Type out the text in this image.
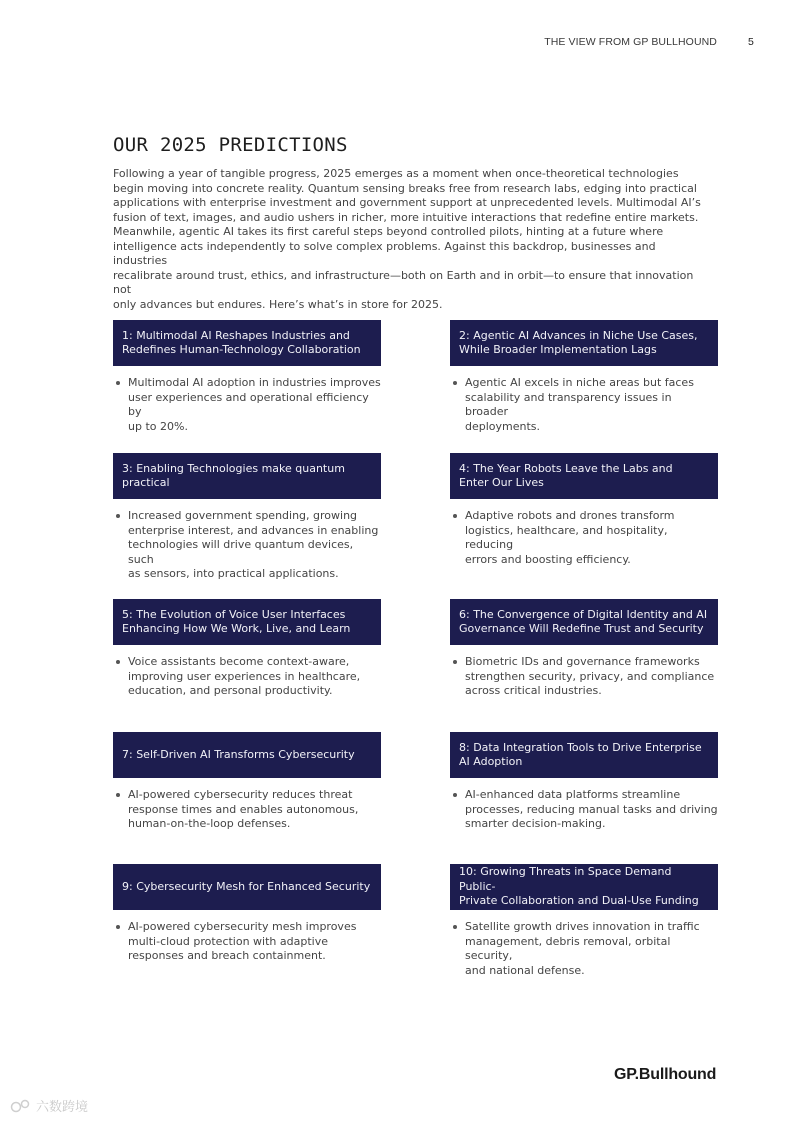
THE VIEW FROM GP BULLHOUND	5
OUR 2025 PREDICTIONS
Following a year of tangible progress, 2025 emerges as a moment when once-theoretical technologies
begin moving into concrete reality. Quantum sensing breaks free from research labs, edging into practical
applications with enterprise investment and government support at unprecedented levels. Multimodal AI’s
fusion of text, images, and audio ushers in richer, more intuitive interactions that redefine entire markets.
Meanwhile, agentic AI takes its first careful steps beyond controlled pilots, hinting at a future where
intelligence acts independently to solve complex problems. Against this backdrop, businesses and industries
recalibrate around trust, ethics, and infrastructure—both on Earth and in orbit—to ensure that innovation not
only advances but endures. Here’s what’s in store for 2025.
1: Multimodal AI Reshapes Industries and
Redefines Human-Technology Collaboration
Multimodal AI adoption in industries improves
user experiences and operational efficiency by
up to 20%.
2: Agentic AI Advances in Niche Use Cases,
While Broader Implementation Lags
Agentic AI excels in niche areas but faces
scalability and transparency issues in broader
deployments.
3: Enabling Technologies make quantum
practical
Increased government spending, growing
enterprise interest, and advances in enabling
technologies will drive quantum devices, such
as sensors, into practical applications.
4: The Year Robots Leave the Labs and
Enter Our Lives
Adaptive robots and drones transform
logistics, healthcare, and hospitality, reducing
errors and boosting efficiency.
5: The Evolution of Voice User Interfaces
Enhancing How We Work, Live, and Learn
Voice assistants become context-aware,
improving user experiences in healthcare,
education, and personal productivity.
6: The Convergence of Digital Identity and AI
Governance Will Redefine Trust and Security
Biometric IDs and governance frameworks
strengthen security, privacy, and compliance
across critical industries.
7: Self-Driven AI Transforms Cybersecurity
AI-powered cybersecurity reduces threat
response times and enables autonomous,
human-on-the-loop defenses.
8: Data Integration Tools to Drive Enterprise
AI Adoption
AI-enhanced data platforms streamline
processes, reducing manual tasks and driving
smarter decision-making.
9: Cybersecurity Mesh for Enhanced Security
AI-powered cybersecurity mesh improves
multi-cloud protection with adaptive
responses and breach containment.
10: Growing Threats in Space Demand Public-
Private Collaboration and Dual-Use Funding
Satellite growth drives innovation in traffic
management, debris removal, orbital security,
and national defense.
GP.Bullhound
六数跨境
